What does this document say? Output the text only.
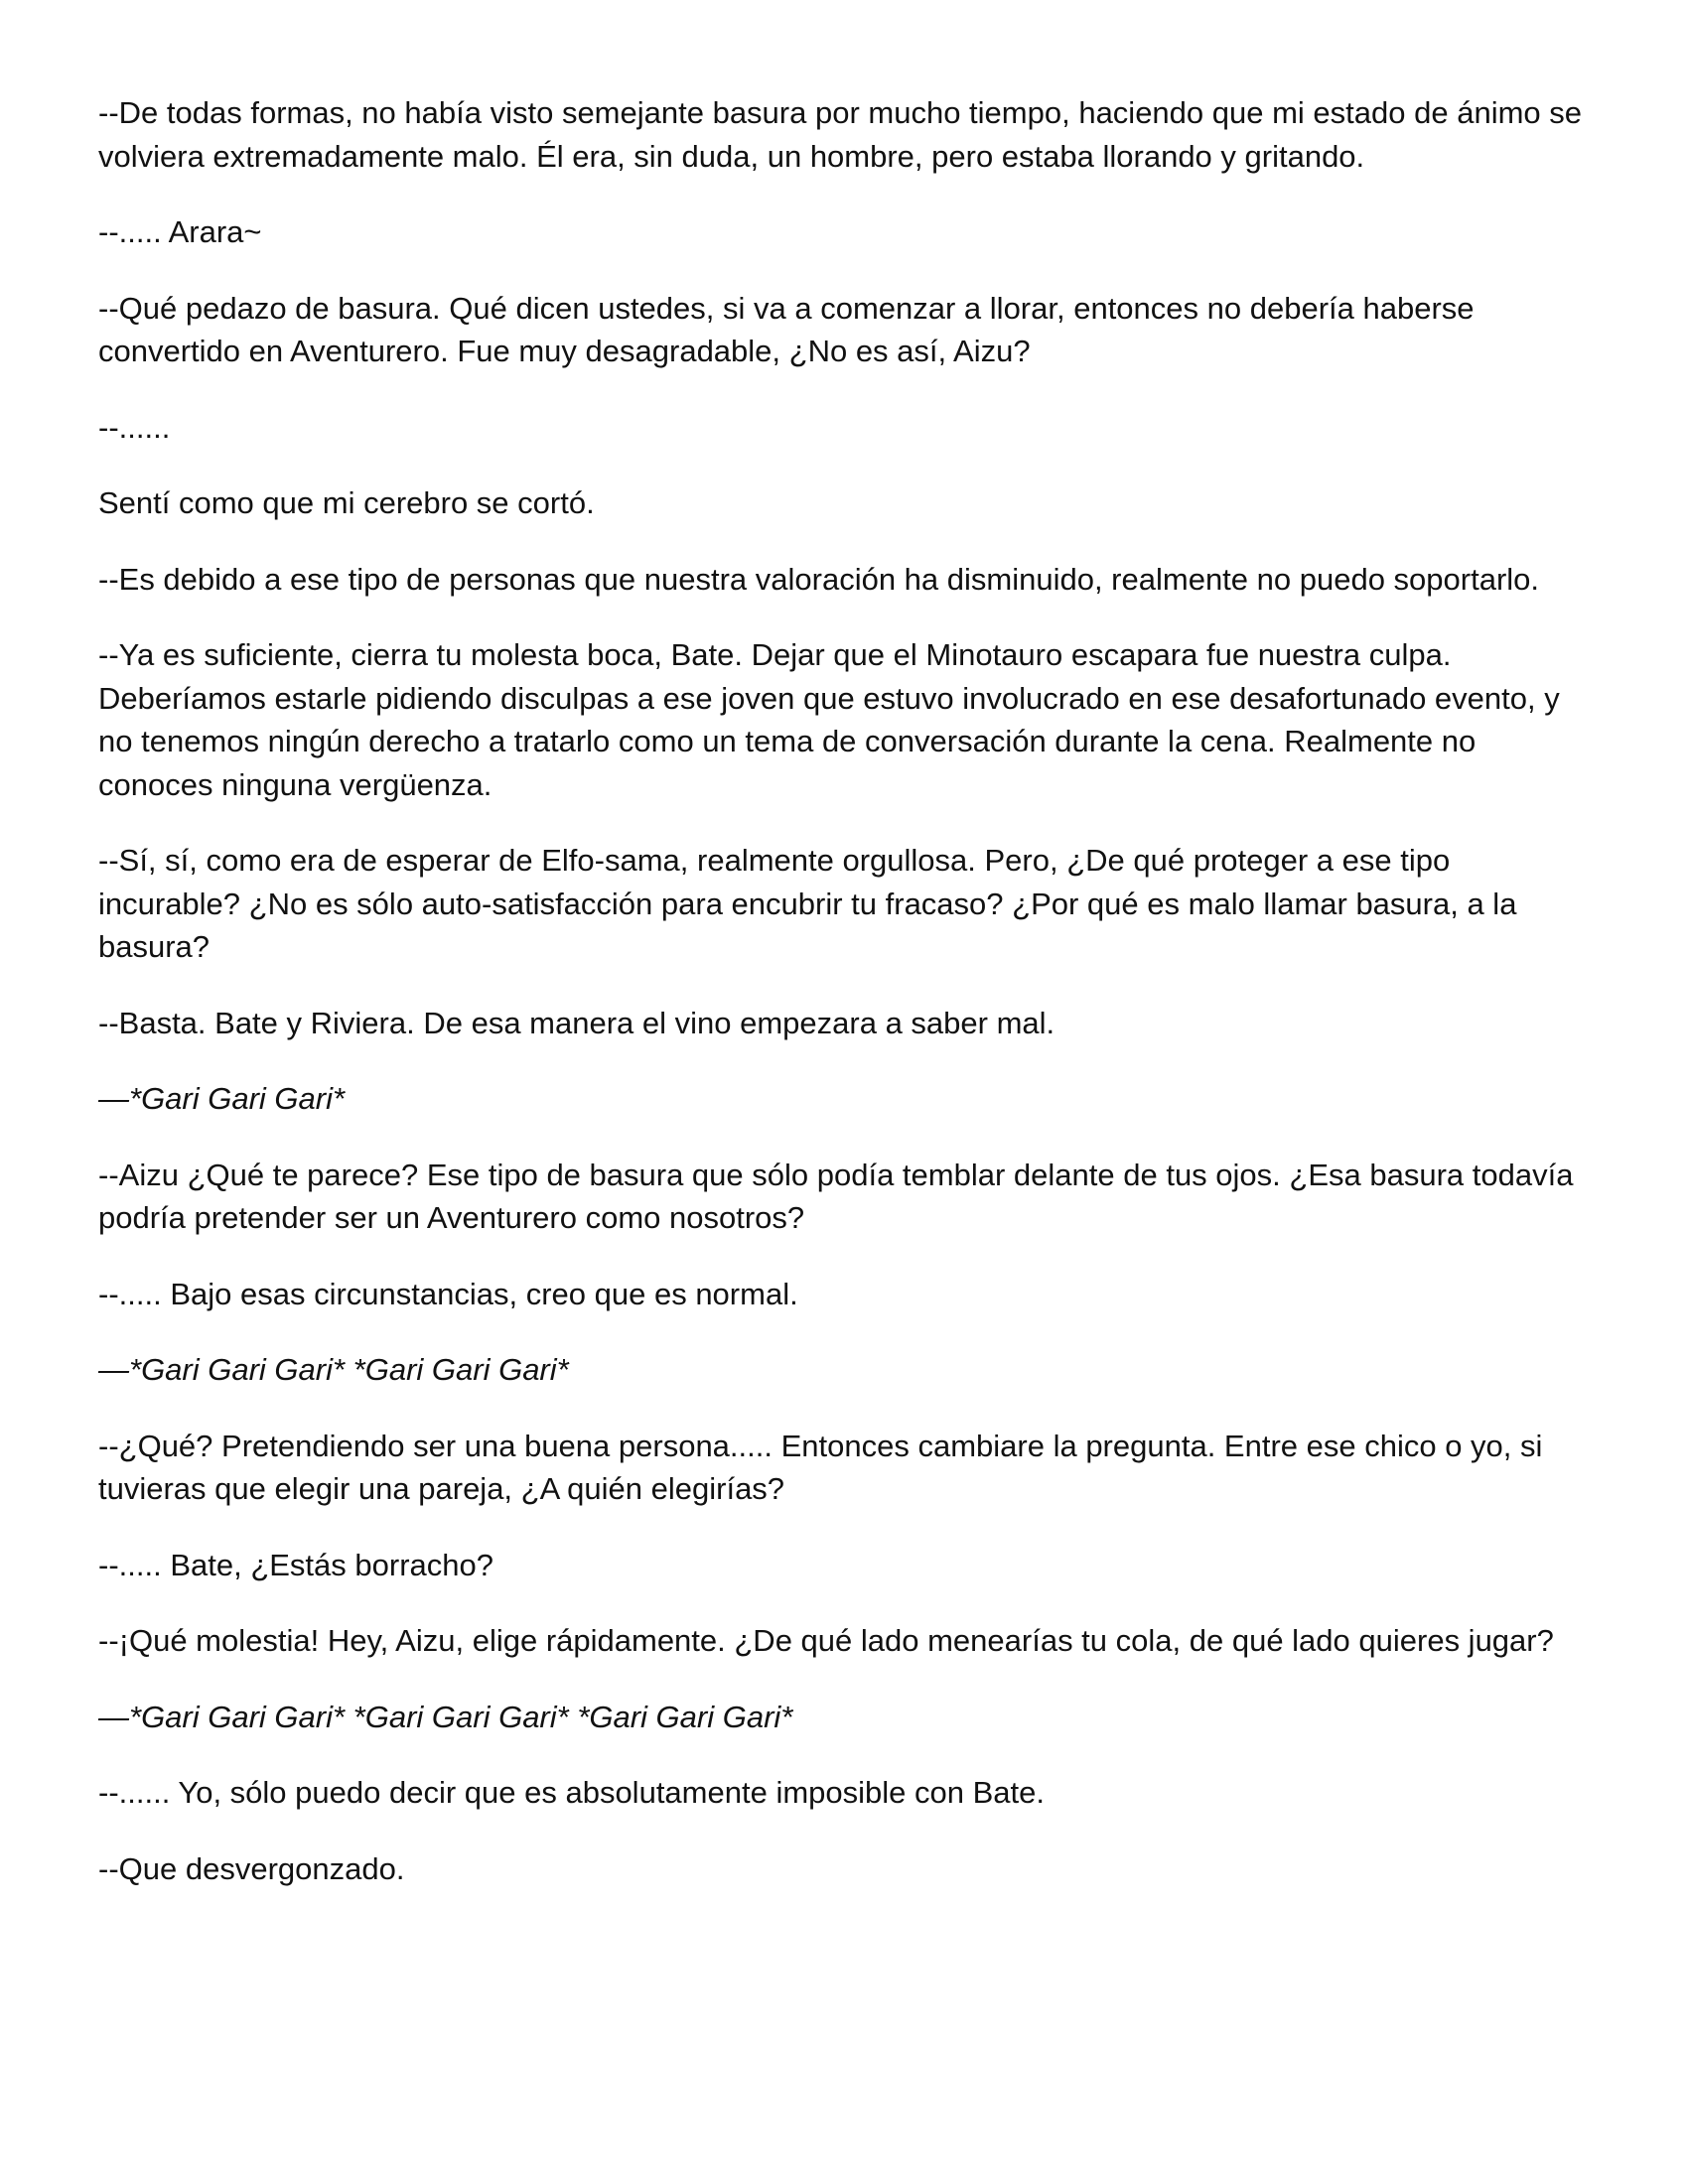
--De todas formas, no había visto semejante basura por mucho tiempo, haciendo que mi estado de ánimo se volviera extremadamente malo. Él era, sin duda, un hombre, pero estaba llorando y gritando.

--..... Arara~

--Qué pedazo de basura. Qué dicen ustedes, si va a comenzar a llorar, entonces no debería haberse convertido en Aventurero. Fue muy desagradable, ¿No es así, Aizu?

--......

Sentí como que mi cerebro se cortó.

--Es debido a ese tipo de personas que nuestra valoración ha disminuido, realmente no puedo soportarlo.

--Ya es suficiente, cierra tu molesta boca, Bate. Dejar que el Minotauro escapara fue nuestra culpa. Deberíamos estarle pidiendo disculpas a ese joven que estuvo involucrado en ese desafortunado evento, y no tenemos ningún derecho a tratarlo como un tema de conversación durante la cena. Realmente no conoces ninguna vergüenza.

--Sí, sí, como era de esperar de Elfo-sama, realmente orgullosa. Pero, ¿De qué proteger a ese tipo incurable? ¿No es sólo auto-satisfacción para encubrir tu fracaso? ¿Por qué es malo llamar basura, a la basura?

--Basta. Bate y Riviera. De esa manera el vino empezara a saber mal.

—*Gari Gari Gari*

--Aizu ¿Qué te parece? Ese tipo de basura que sólo podía temblar delante de tus ojos. ¿Esa basura todavía podría pretender ser un Aventurero como nosotros?

--..... Bajo esas circunstancias, creo que es normal.

—*Gari Gari Gari* *Gari Gari Gari*

--¿Qué? Pretendiendo ser una buena persona..... Entonces cambiare la pregunta. Entre ese chico o yo, si tuvieras que elegir una pareja, ¿A quién elegirías?

--..... Bate, ¿Estás borracho?

--¡Qué molestia! Hey, Aizu, elige rápidamente. ¿De qué lado menearías tu cola, de qué lado quieres jugar?

—*Gari Gari Gari* *Gari Gari Gari* *Gari Gari Gari*

--...... Yo, sólo puedo decir que es absolutamente imposible con Bate.

--Que desvergonzado.
